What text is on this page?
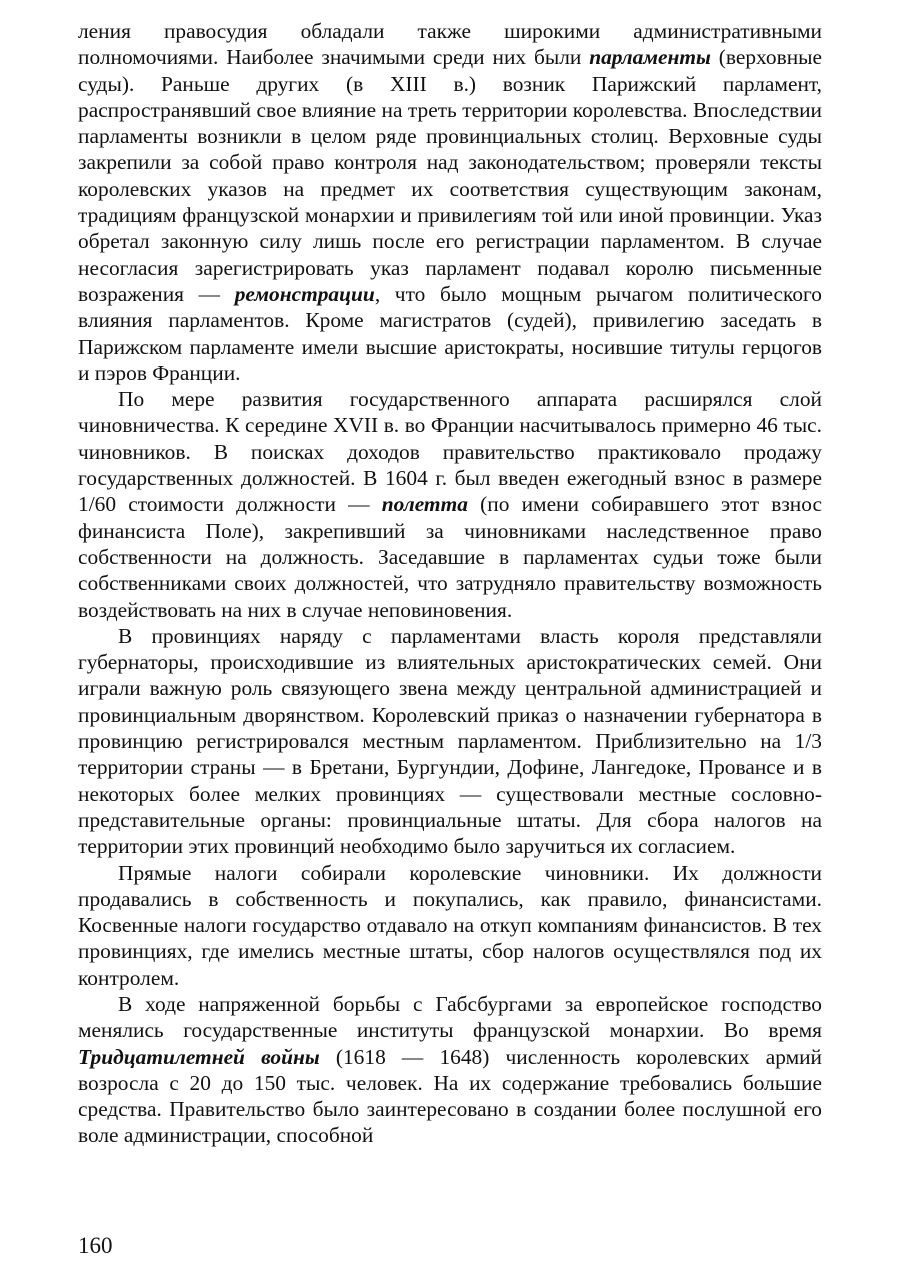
ления правосудия обладали также широкими административными полномочиями. Наиболее значимыми среди них были парламенты (верховные суды). Раньше других (в XIII в.) возник Парижский парламент, распространявший свое влияние на треть территории королевства. Впоследствии парламенты возникли в целом ряде провинциальных столиц. Верховные суды закрепили за собой право контроля над законодательством; проверяли тексты королевских указов на предмет их соответствия существующим законам, традициям французской монархии и привилегиям той или иной провинции. Указ обретал законную силу лишь после его регистрации парламентом. В случае несогласия зарегистрировать указ парламент подавал королю письменные возражения — ремонстрации, что было мощным рычагом политического влияния парламентов. Кроме магистратов (судей), привилегию заседать в Парижском парламенте имели высшие аристократы, носившие титулы герцогов и пэров Франции.

По мере развития государственного аппарата расширялся слой чиновничества. К середине XVII в. во Франции насчитывалось примерно 46 тыс. чиновников. В поисках доходов правительство практиковало продажу государственных должностей. В 1604 г. был введен ежегодный взнос в размере 1/60 стоимости должности — полетта (по имени собиравшего этот взнос финансиста Поле), закрепивший за чиновниками наследственное право собственности на должность. Заседавшие в парламентах судьи тоже были собственниками своих должностей, что затрудняло правительству возможность воздействовать на них в случае неповиновения.

В провинциях наряду с парламентами власть короля представляли губернаторы, происходившие из влиятельных аристократических семей. Они играли важную роль связующего звена между центральной администрацией и провинциальным дворянством. Королевский приказ о назначении губернатора в провинцию регистрировался местным парламентом. Приблизительно на 1/3 территории страны — в Бретани, Бургундии, Дофине, Лангедоке, Провансе и в некоторых более мелких провинциях — существовали местные сословно-представительные органы: провинциальные штаты. Для сбора налогов на территории этих провинций необходимо было заручиться их согласием.

Прямые налоги собирали королевские чиновники. Их должности продавались в собственность и покупались, как правило, финансистами. Косвенные налоги государство отдавало на откуп компаниям финансистов. В тех провинциях, где имелись местные штаты, сбор налогов осуществлялся под их контролем.

В ходе напряженной борьбы с Габсбургами за европейское господство менялись государственные институты французской монархии. Во время Тридцатилетней войны (1618 — 1648) численность королевских армий возросла с 20 до 150 тыс. человек. На их содержание требовались большие средства. Правительство было заинтересовано в создании более послушной его воле администрации, способной

160
